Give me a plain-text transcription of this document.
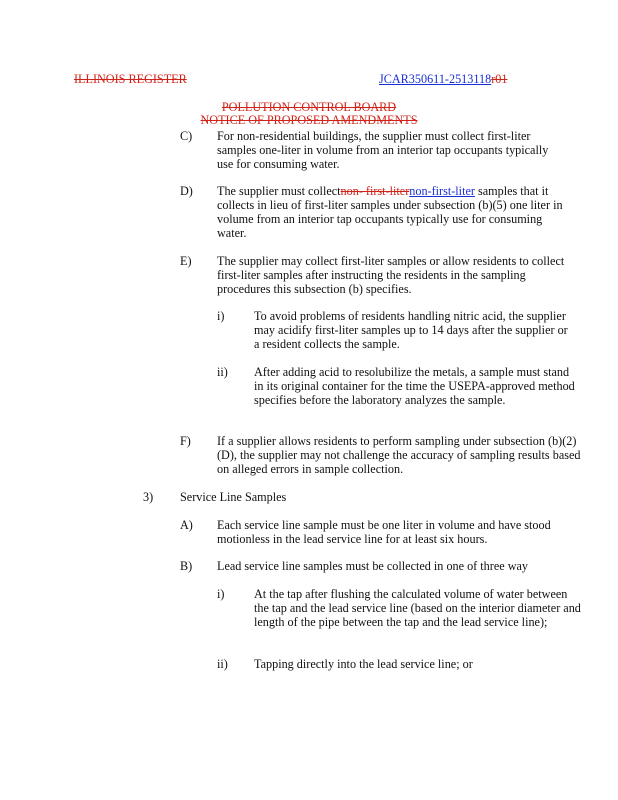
ILLINOIS REGISTER	JCAR350611-2513118r01
POLLUTION CONTROL BOARD
NOTICE OF PROPOSED AMENDMENTS
C) For non-residential buildings, the supplier must collect first-liter samples one-liter in volume from an interior tap occupants typically use for consuming water.

D) The supplier must collectnon- first-liternon-first-liter samples that it collects in lieu of first-liter samples under subsection (b)(5) one liter in volume from an interior tap occupants typically use for consuming water.

E) The supplier may collect first-liter samples or allow residents to collect first-liter samples after instructing the residents in the sampling procedures this subsection (b) specifies.

i) To avoid problems of residents handling nitric acid, the supplier may acidify first-liter samples up to 14 days after the supplier or a resident collects the sample.

ii) After adding acid to resolubilize the metals, a sample must stand in its original container for the time the USEPA-approved method specifies before the laboratory analyzes the sample.

F) If a supplier allows residents to perform sampling under subsection (b)(2)(D), the supplier may not challenge the accuracy of sampling results based on alleged errors in sample collection.

3) Service Line Samples

A) Each service line sample must be one liter in volume and have stood motionless in the lead service line for at least six hours.

B) Lead service line samples must be collected in one of three way

i) At the tap after flushing the calculated volume of water between the tap and the lead service line (based on the interior diameter and length of the pipe between the tap and the lead service line);

ii) Tapping directly into the lead service line; or
